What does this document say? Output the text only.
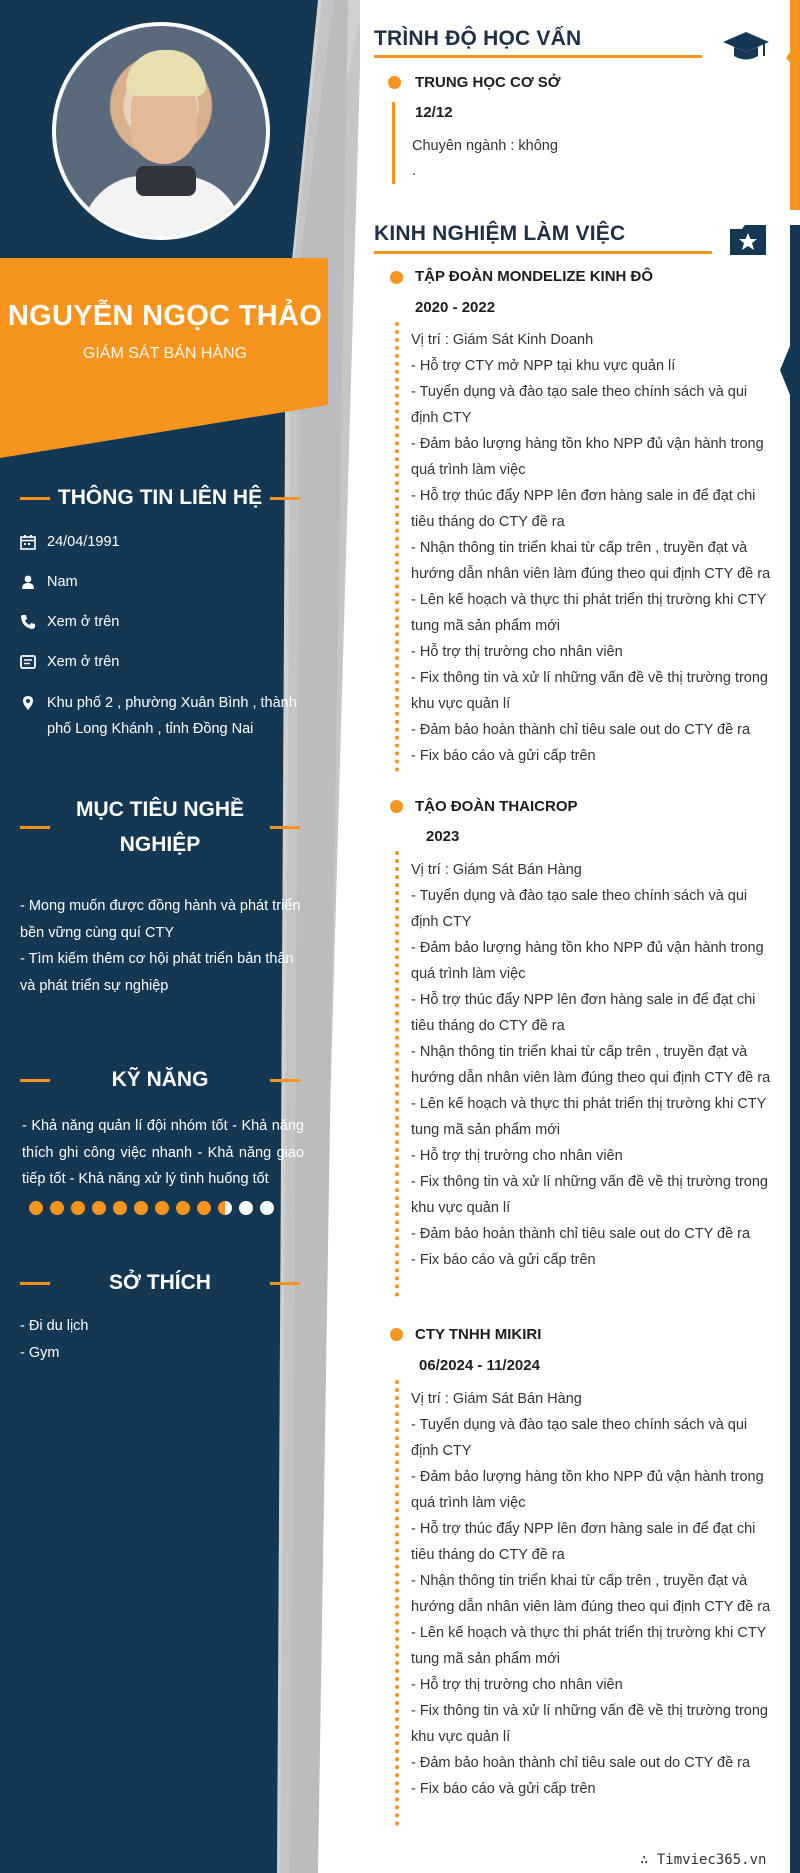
NGUYỄN NGỌC THẢO
GIÁM SÁT BÁN HÀNG
THÔNG TIN LIÊN HỆ
24/04/1991
Nam
Xem ở trên
Xem ở trên
Khu phố 2 , phường Xuân Bình , thành phố Long Khánh , tỉnh Đồng Nai
MỤC TIÊU NGHỀ
NGHIỆP

- Mong muốn được đồng hành và phát triển bền vững cùng quí CTY

- Tìm kiếm thêm cơ hội phát triển bản thân và phát triển sự nghiệp

KỸ NĂNG
- Khả năng quản lí đội nhóm tốt - Khả năng thích ghi công việc nhanh - Khả năng giao tiếp tốt - Khả năng xử lý tình huống tốt
SỞ THÍCH

- Đi du lịch

- Gym

TRÌNH ĐỘ HỌC VẤN
TRUNG HỌC CƠ SỞ
12/12
Chuyên ngành : không
.
KINH NGHIỆM LÀM VIỆC
TẬP ĐOÀN MONDELIZE KINH ĐÔ
2020 - 2022
Vị trí : Giám Sát Kinh Doanh
- Hỗ trợ CTY mở NPP tại khu vực quản lí
- Tuyển dụng và đào tạo sale theo chính sách và qui
định CTY
- Đảm bảo lượng hàng tồn kho NPP đủ vận hành trong
quá trình làm việc
- Hỗ trợ thúc đẩy NPP lên đơn hàng sale in để đạt chi
tiêu tháng do CTY đề ra
- Nhận thông tin triển khai từ cấp trên , truyền đạt và
hướng dẫn nhân viên làm đúng theo qui định CTY đề ra
- Lên kế hoạch và thực thi phát triển thị trường khi CTY
tung mã sản phẩm mới
- Hỗ trợ thị trường cho nhân viên
- Fix thông tin và xử lí những vấn đề về thị trường trong
khu vực quản lí
- Đảm bảo hoàn thành chỉ tiêu sale out do CTY đề ra
- Fix báo cáo và gửi cấp trên
TẬO ĐOÀN THAICROP
2023
Vị trí : Giám Sát Bán Hàng
- Tuyển dụng và đào tạo sale theo chính sách và qui
định CTY
- Đảm bảo lượng hàng tồn kho NPP đủ vận hành trong
quá trình làm việc
- Hỗ trợ thúc đẩy NPP lên đơn hàng sale in để đạt chi
tiêu tháng do CTY đề ra
- Nhận thông tin triển khai từ cấp trên , truyền đạt và
hướng dẫn nhân viên làm đúng theo qui định CTY đề ra
- Lên kế hoạch và thực thi phát triển thị trường khi CTY
tung mã sản phẩm mới
- Hỗ trợ thị trường cho nhân viên
- Fix thông tin và xử lí những vấn đề về thị trường trong
khu vực quản lí
- Đảm bảo hoàn thành chỉ tiêu sale out do CTY đề ra
- Fix báo cáo và gửi cấp trên
CTY TNHH MIKIRI
06/2024 - 11/2024
Vị trí : Giám Sát Bán Hàng
- Tuyển dụng và đào tạo sale theo chính sách và qui
định CTY
- Đảm bảo lượng hàng tồn kho NPP đủ vận hành trong
quá trình làm việc
- Hỗ trợ thúc đẩy NPP lên đơn hàng sale in để đạt chi
tiêu tháng do CTY đề ra
- Nhận thông tin triển khai từ cấp trên , truyền đạt và
hướng dẫn nhân viên làm đúng theo qui định CTY đề ra
- Lên kế hoạch và thực thi phát triển thị trường khi CTY
tung mã sản phẩm mới
- Hỗ trợ thị trường cho nhân viên
- Fix thông tin và xử lí những vấn đề về thị trường trong
khu vực quản lí
- Đảm bảo hoàn thành chỉ tiêu sale out do CTY đề ra
- Fix báo cáo và gửi cấp trên
∴ Timviec365.vn
